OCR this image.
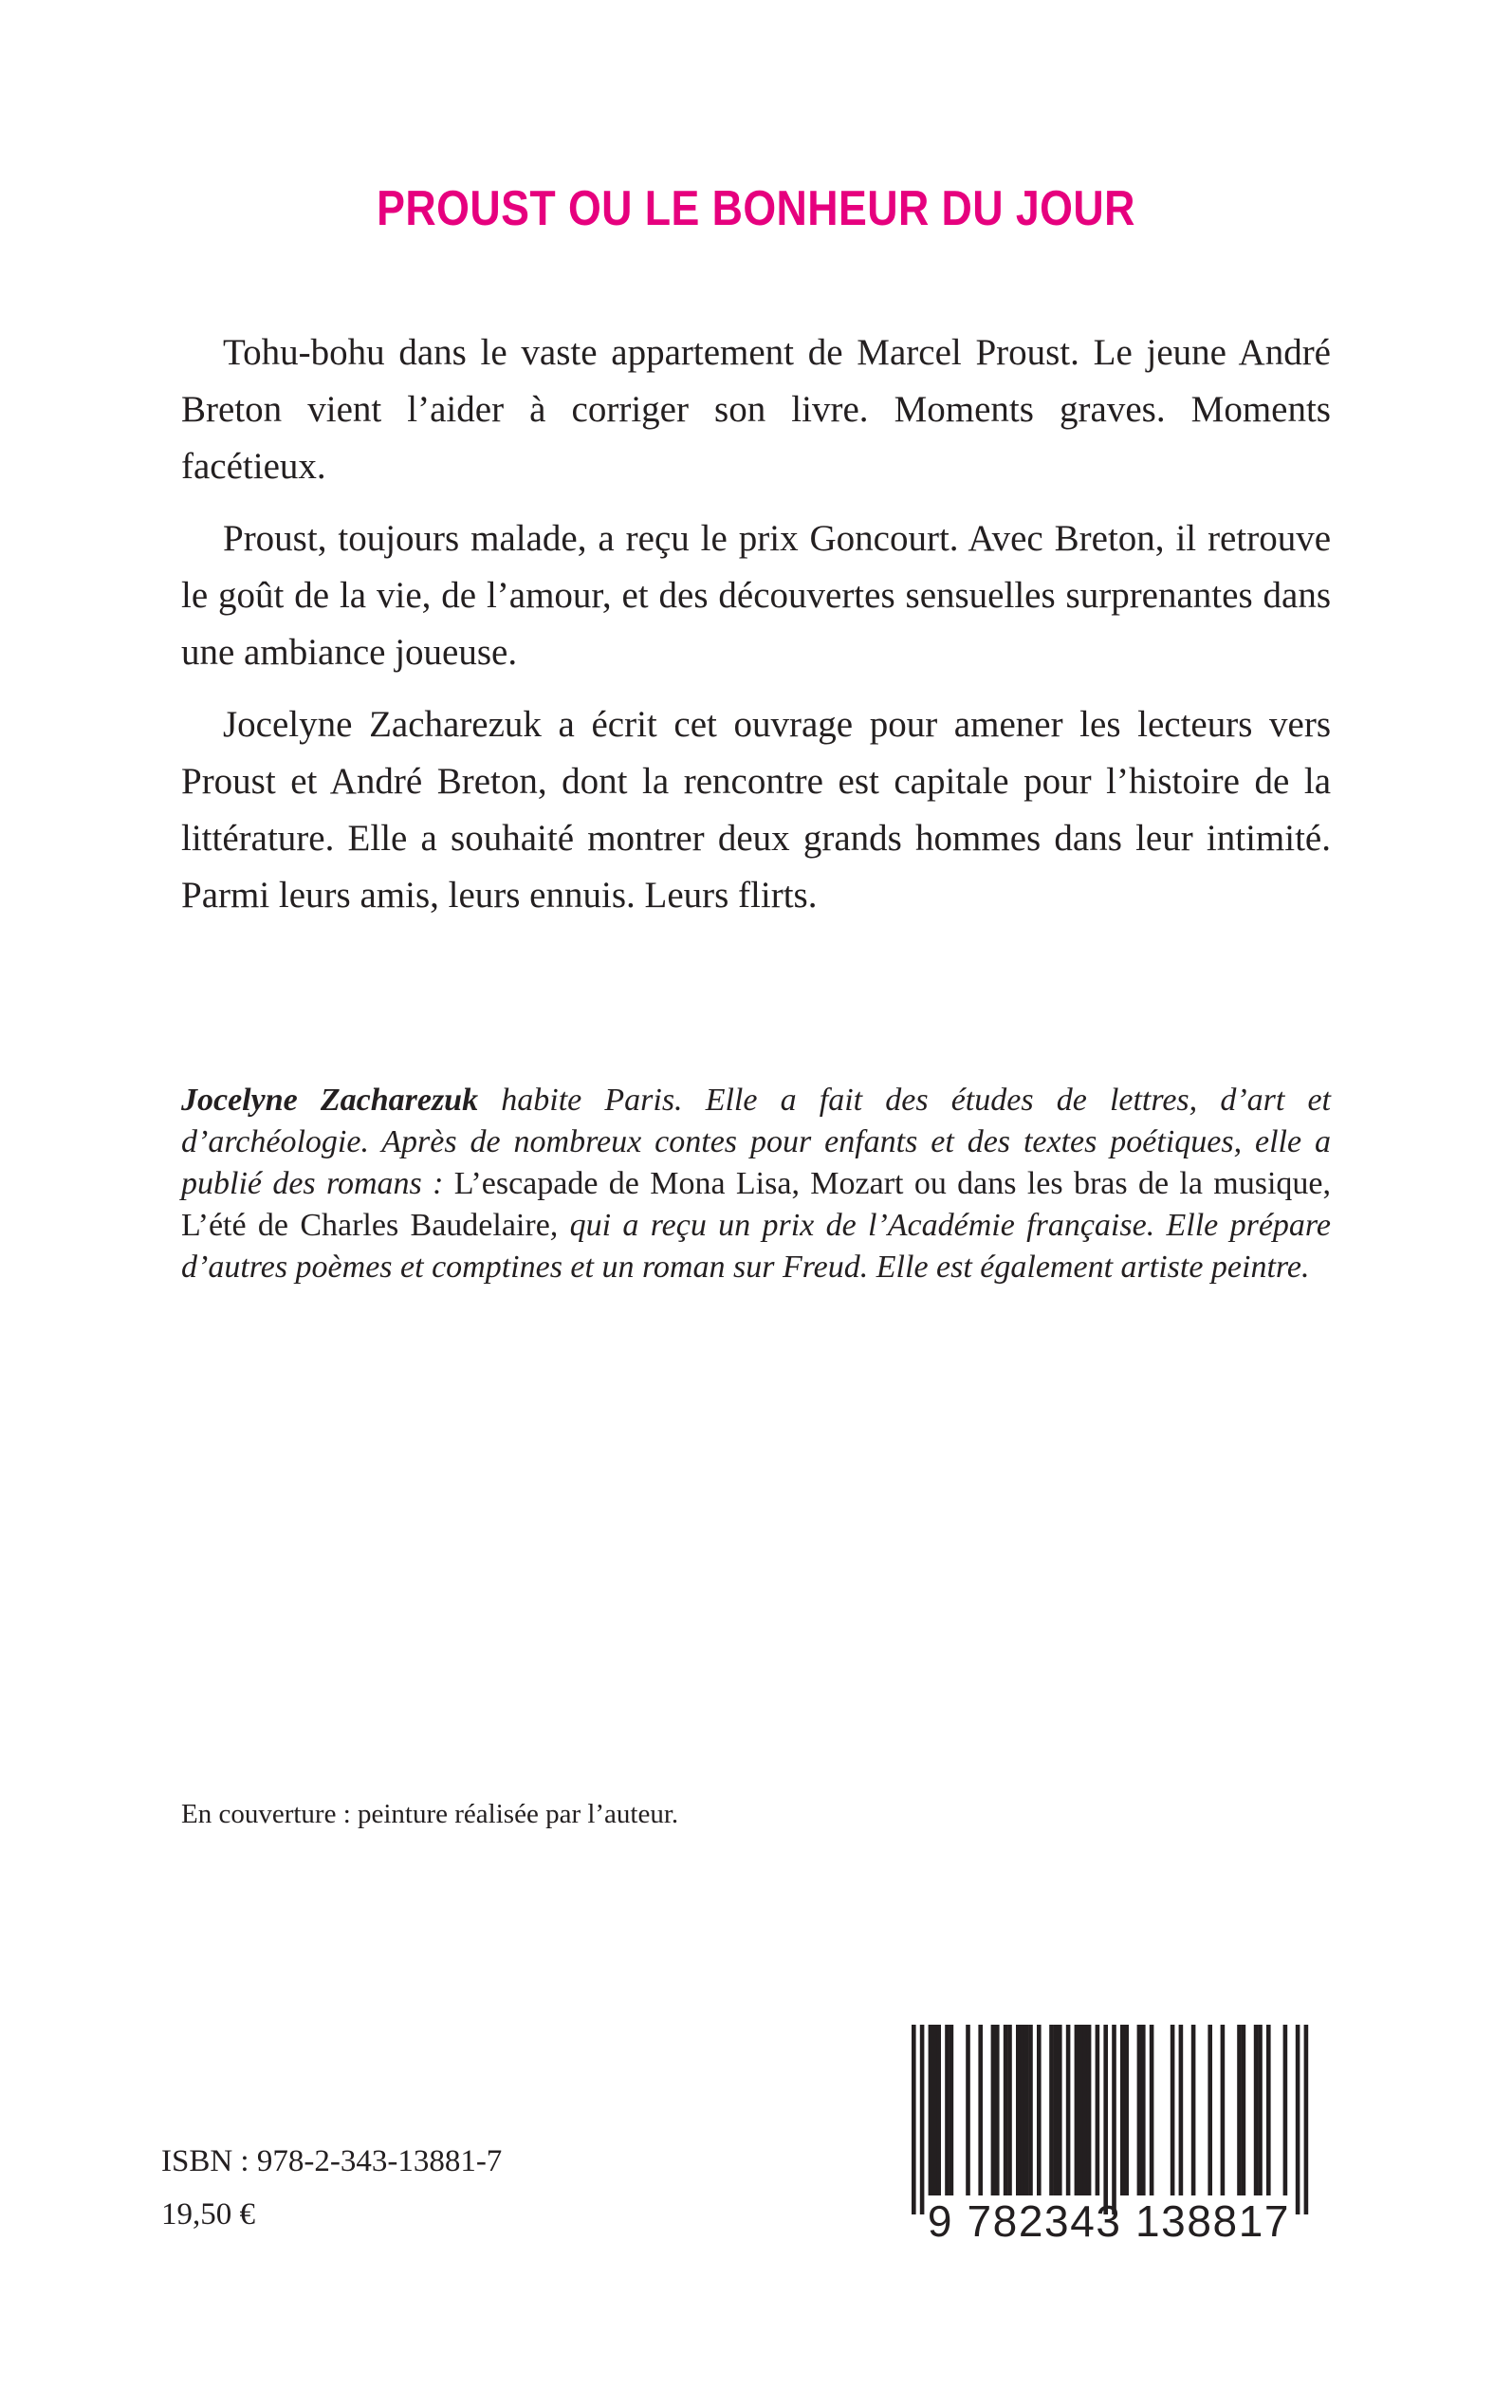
PROUST OU LE BONHEUR DU JOUR

Tohu-bohu dans le vaste appartement de Marcel Proust. Le jeune André Breton vient l’aider à corriger son livre. Moments graves. Moments facétieux.

Proust, toujours malade, a reçu le prix Goncourt. Avec Breton, il retrouve le goût de la vie, de l’amour, et des découvertes sensuelles surprenantes dans une ambiance joueuse.

Jocelyne Zacharezuk a écrit cet ouvrage pour amener les lecteurs vers Proust et André Breton, dont la rencontre est capitale pour l’histoire de la littérature. Elle a souhaité montrer deux grands hommes dans leur intimité. Parmi leurs amis, leurs ennuis. Leurs flirts.

Jocelyne Zacharezuk habite Paris. Elle a fait des études de lettres, d’art et d’archéologie. Après de nombreux contes pour enfants et des textes poétiques, elle a publié des romans : L’escapade de Mona Lisa, Mozart ou dans les bras de la musique, L’été de Charles Baudelaire, qui a reçu un prix de l’Académie française. Elle prépare d’autres poèmes et comptines et un roman sur Freud. Elle est également artiste peintre.

En couverture : peinture réalisée par l’auteur.

ISBN : 978-2-343-13881-7

19,50 €	9 782343 138817
